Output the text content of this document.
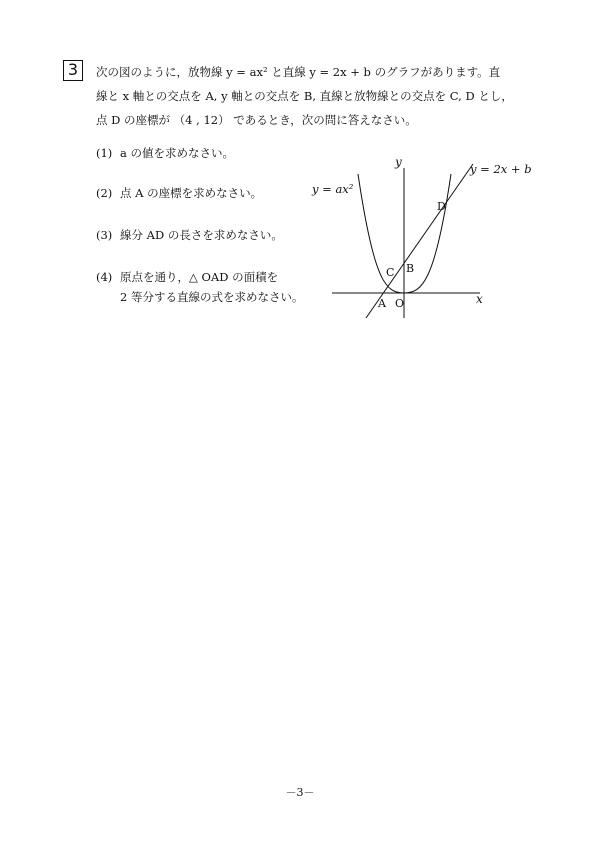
3	次の図のように，放物線 y = ax² と直線 y = 2x + b のグラフがあります。直

線と x 軸との交点を A, y 軸との交点を B, 直線と放物線との交点を C, D とし，

点 D の座標が （4 , 12） であるとき，次の問に答えなさい。

(1) a の値を求めなさい。
(2) 点 A の座標を求めなさい。
(3) 線分 AD の長さを求めなさい。
(4) 原点を通り，△ OAD の面積を
2 等分する直線の式を求めなさい。	x
y
y = ax²
y = 2x + b
D
B
C
A O
－3－
